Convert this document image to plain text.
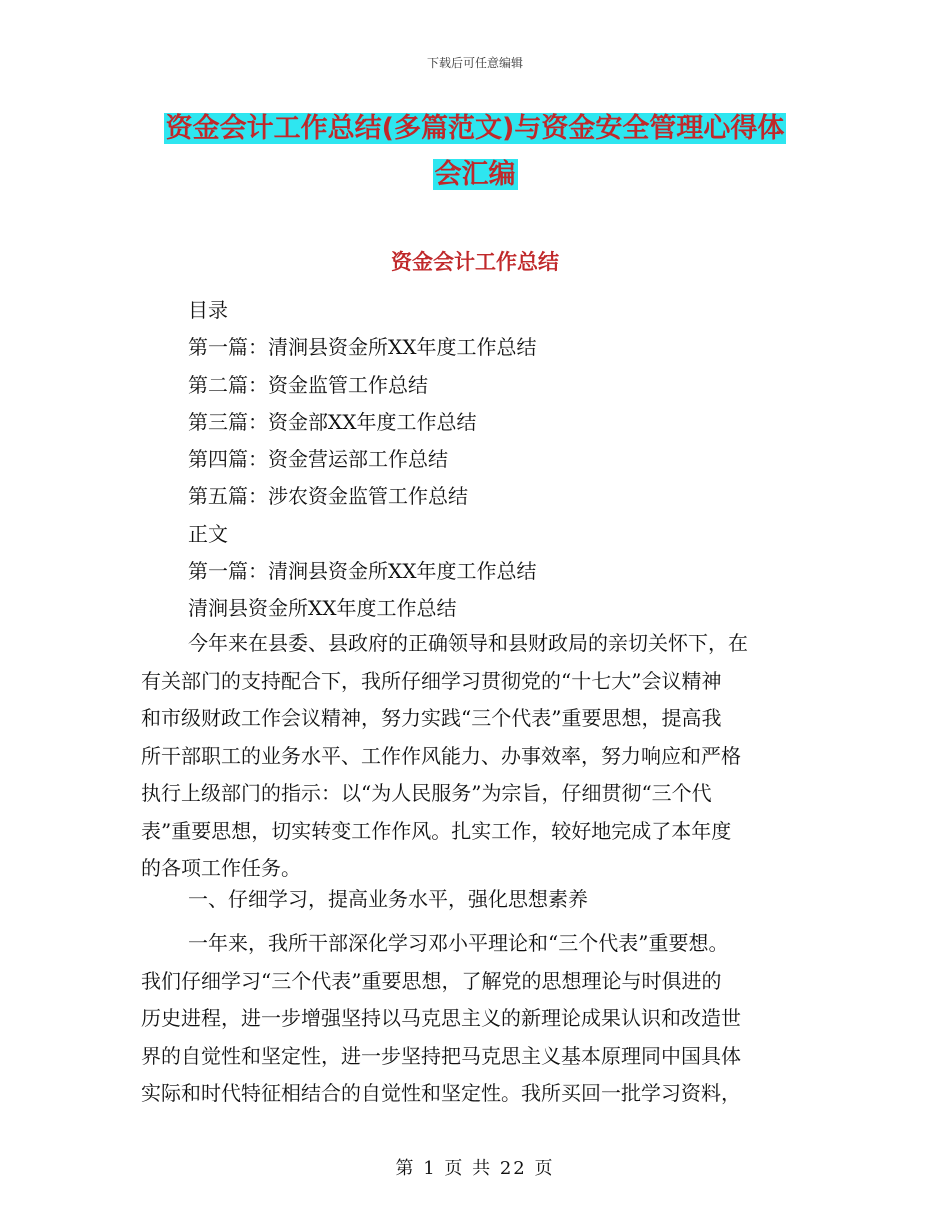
下载后可任意编辑
资金会计工作总结(多篇范文)与资金安全管理心得体
会汇编
资金会计工作总结
目录
第一篇：清涧县资金所XX年度工作总结
第二篇：资金监管工作总结
第三篇：资金部XX年度工作总结
第四篇：资金营运部工作总结
第五篇：涉农资金监管工作总结
正文
第一篇：清涧县资金所XX年度工作总结
清涧县资金所XX年度工作总结
今年来在县委、县政府的正确领导和县财政局的亲切关怀下，在
有关部门的支持配合下，我所仔细学习贯彻党的“十七大”会议精神
和市级财政工作会议精神，努力实践“三个代表”重要思想，提高我
所干部职工的业务水平、工作作风能力、办事效率，努力响应和严格
执行上级部门的指示：以“为人民服务”为宗旨，仔细贯彻“三个代
表”重要思想，切实转变工作作风。扎实工作，较好地完成了本年度
的各项工作任务。
一、仔细学习，提高业务水平，强化思想素养
一年来，我所干部深化学习邓小平理论和“三个代表”重要想。
我们仔细学习“三个代表”重要思想，了解党的思想理论与时俱进的
历史进程，进一步增强坚持以马克思主义的新理论成果认识和改造世
界的自觉性和坚定性，进一步坚持把马克思主义基本原理同中国具体
实际和时代特征相结合的自觉性和坚定性。我所买回一批学习资料，
第 1 页 共 22 页
